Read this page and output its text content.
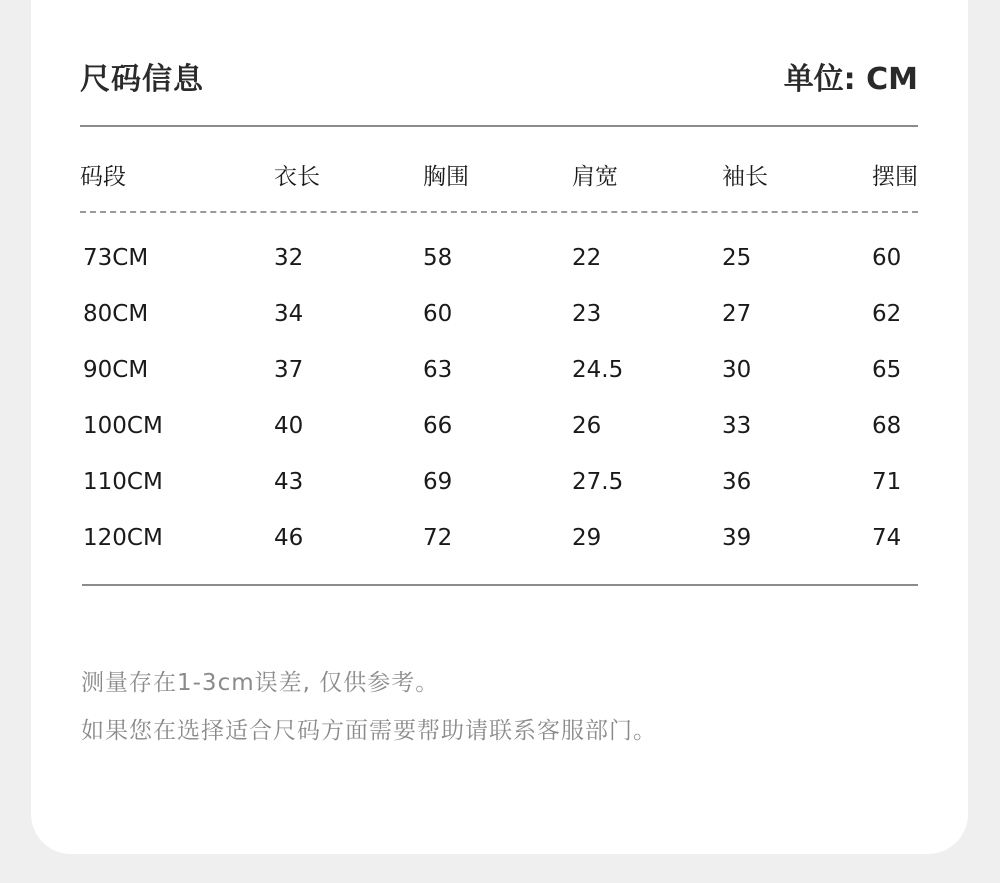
尺码信息	单位: CM
码段	衣长	胸围	肩宽	袖长	摆围
73CM	32	58	22	25	60
80CM	34	60	23	27	62
90CM	37	63	24.5	30	65
100CM	40	66	26	33	68
110CM	43	69	27.5	36	71
120CM	46	72	29	39	74
测量存在1-3cm误差, 仅供参考。
如果您在选择适合尺码方面需要帮助请联系客服部门。
